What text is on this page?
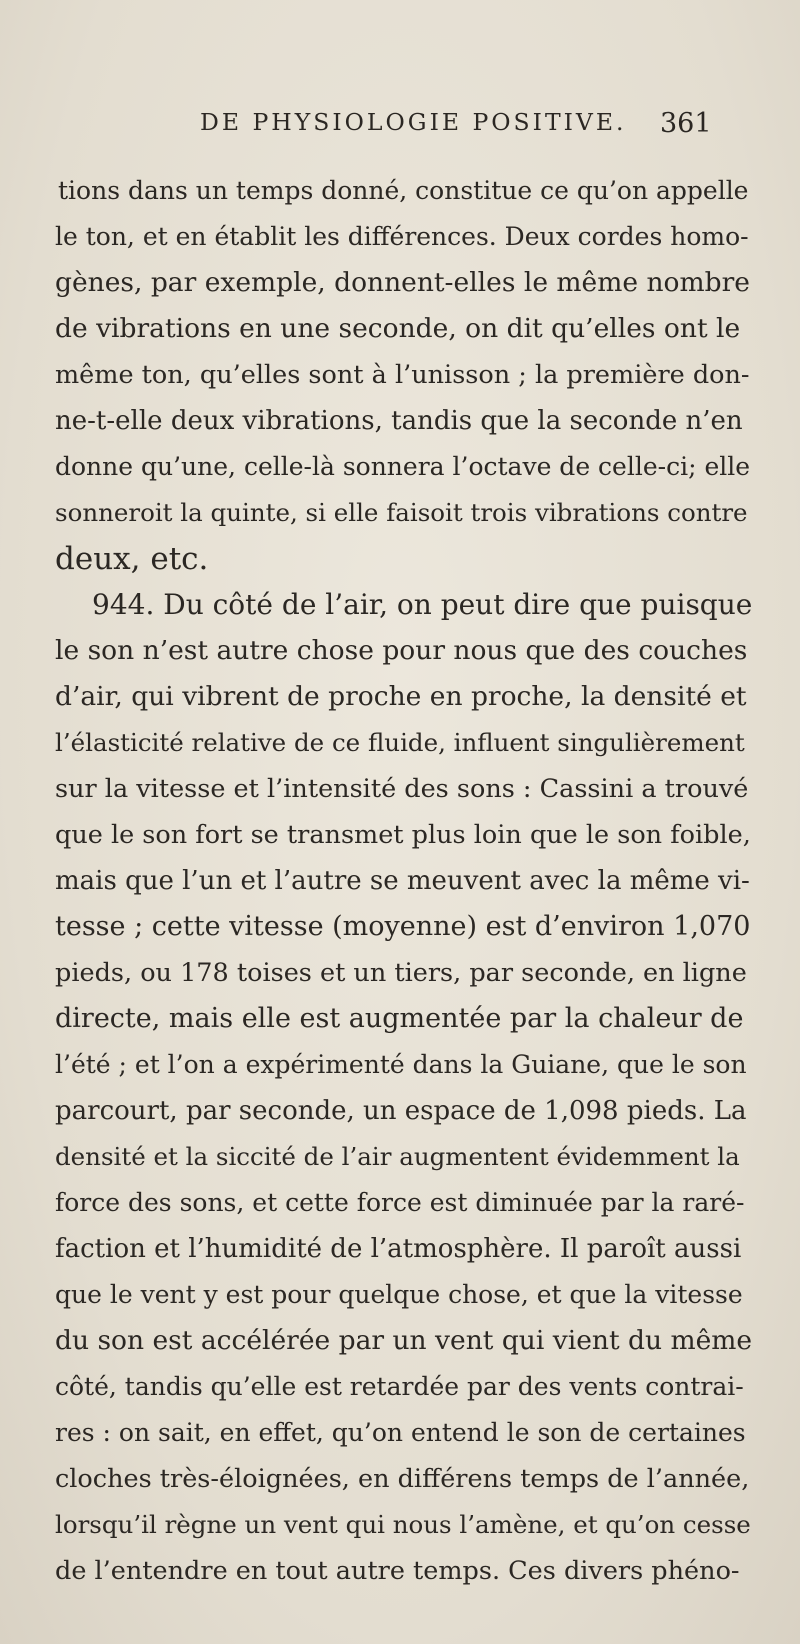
DE PHYSIOLOGIE POSITIVE. 361
tions dans un temps donné, constitue ce qu’on appelle
le ton, et en établit les différences. Deux cordes homo-
gènes, par exemple, donnent-elles le même nombre
de vibrations en une seconde, on dit qu’elles ont le
même ton, qu’elles sont à l’unisson ; la première don-
ne-t-elle deux vibrations, tandis que la seconde n’en
donne qu’une, celle-là sonnera l’octave de celle-ci; elle
sonneroit la quinte, si elle faisoit trois vibrations contre
deux, etc.
944. Du côté de l’air, on peut dire que puisque
le son n’est autre chose pour nous que des couches
d’air, qui vibrent de proche en proche, la densité et
l’élasticité relative de ce fluide, influent singulièrement
sur la vitesse et l’intensité des sons : Cassini a trouvé
que le son fort se transmet plus loin que le son foible,
mais que l’un et l’autre se meuvent avec la même vi-
tesse ; cette vitesse (moyenne) est d’environ 1,070
pieds, ou 178 toises et un tiers, par seconde, en ligne
directe, mais elle est augmentée par la chaleur de
l’été ; et l’on a expérimenté dans la Guiane, que le son
parcourt, par seconde, un espace de 1,098 pieds. La
densité et la siccité de l’air augmentent évidemment la
force des sons, et cette force est diminuée par la raré-
faction et l’humidité de l’atmosphère. Il paroît aussi
que le vent y est pour quelque chose, et que la vitesse
du son est accélérée par un vent qui vient du même
côté, tandis qu’elle est retardée par des vents contrai-
res : on sait, en effet, qu’on entend le son de certaines
cloches très-éloignées, en différens temps de l’année,
lorsqu’il règne un vent qui nous l’amène, et qu’on cesse
de l’entendre en tout autre temps. Ces divers phéno-
